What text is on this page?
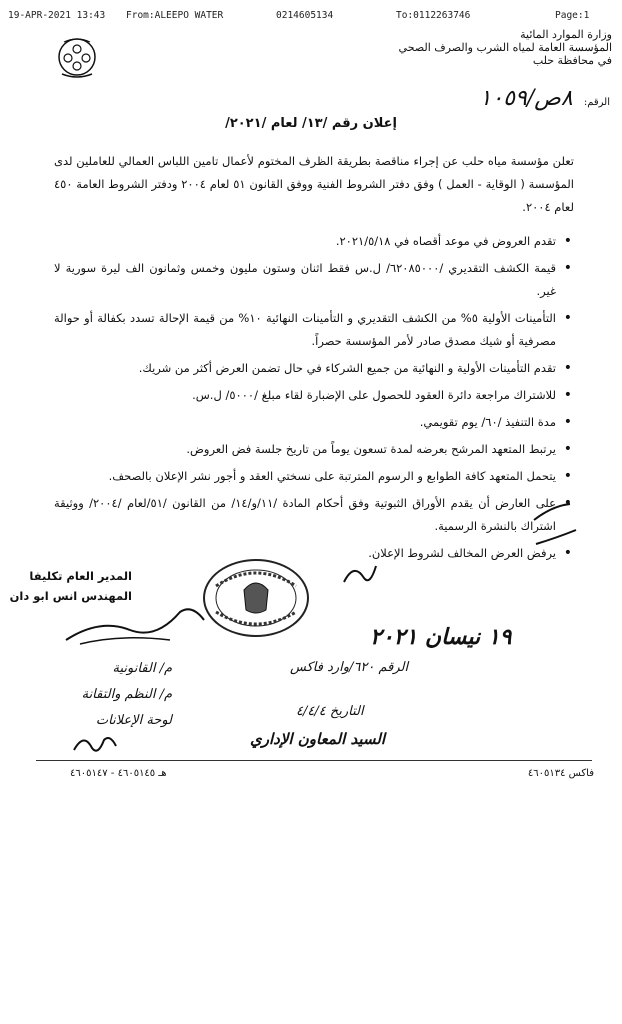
19-APR-2021 13:43 From:ALEEPO WATER	0214605134	To:0112263746	Page:1
وزارة الموارد المائية
المؤسسة العامة لمياه الشرب والصرف الصحي
في محافظة حلب
الرقم: ٨ص/١٠٥٩
إعلان رقم /١٣/ لعام /٢٠٢١/
تعلن مؤسسة مياه حلب عن إجراء مناقصة بطريقة الظرف المختوم لأعمال تامين اللباس العمالي للعاملين لدى المؤسسة ( الوقاية - العمل ) وفق دفتر الشروط الفنية ووفق القانون ٥١ لعام ٢٠٠٤ ودفتر الشروط العامة ٤٥٠ لعام ٢٠٠٤.
• تقدم العروض في موعد أقصاه في ٢٠٢١/٥/١٨.
• قيمة الكشف التقديري /٦٢٠٨٥٠٠٠/ ل.س فقط اثنان وستون مليون وخمس وثمانون الف ليرة سورية لا غير.
• التأمينات الأولية ٥% من الكشف التقديري و التأمينات النهائية ١٠% من قيمة الإحالة تسدد بكفالة أو حوالة مصرفية أو شيك مصدق صادر لأمر المؤسسة حصراً.
• تقدم التأمينات الأولية و النهائية من جميع الشركاء في حال تضمن العرض أكثر من شريك.
• للاشتراك مراجعة دائرة العقود للحصول على الإضبارة لقاء مبلغ /٥٠٠٠/ ل.س.
• مدة التنفيذ /٦٠/ يوم تقويمي.
• يرتبط المتعهد المرشح بعرضه لمدة تسعون يوماً من تاريخ جلسة فض العروض.
• يتحمل المتعهد كافة الطوابع و الرسوم المترتبة على نسختي العقد و أجور نشر الإعلان بالصحف.
• على العارض أن يقدم الأوراق الثبوتية وفق أحكام المادة /١١/و/١٤/ من القانون /٥١/لعام /٢٠٠٤/ ووثيقة اشتراك بالنشرة الرسمية.
• يرفض العرض المخالف لشروط الإعلان.
المدير العام تكليفا
المهندس انس ابو دان
١٩ نيسان ٢٠٢١
الرقم ٦٢٠/وارد فاكس
التاريخ ٤/٤/٤
السيد المعاون الإداري
م/ القانونية
م/ النظم والتقانة
لوحة الإعلانات
هـ ٤٦٠٥١٤٥ - ٤٦٠٥١٤٧	فاكس ٤٦٠٥١٣٤
